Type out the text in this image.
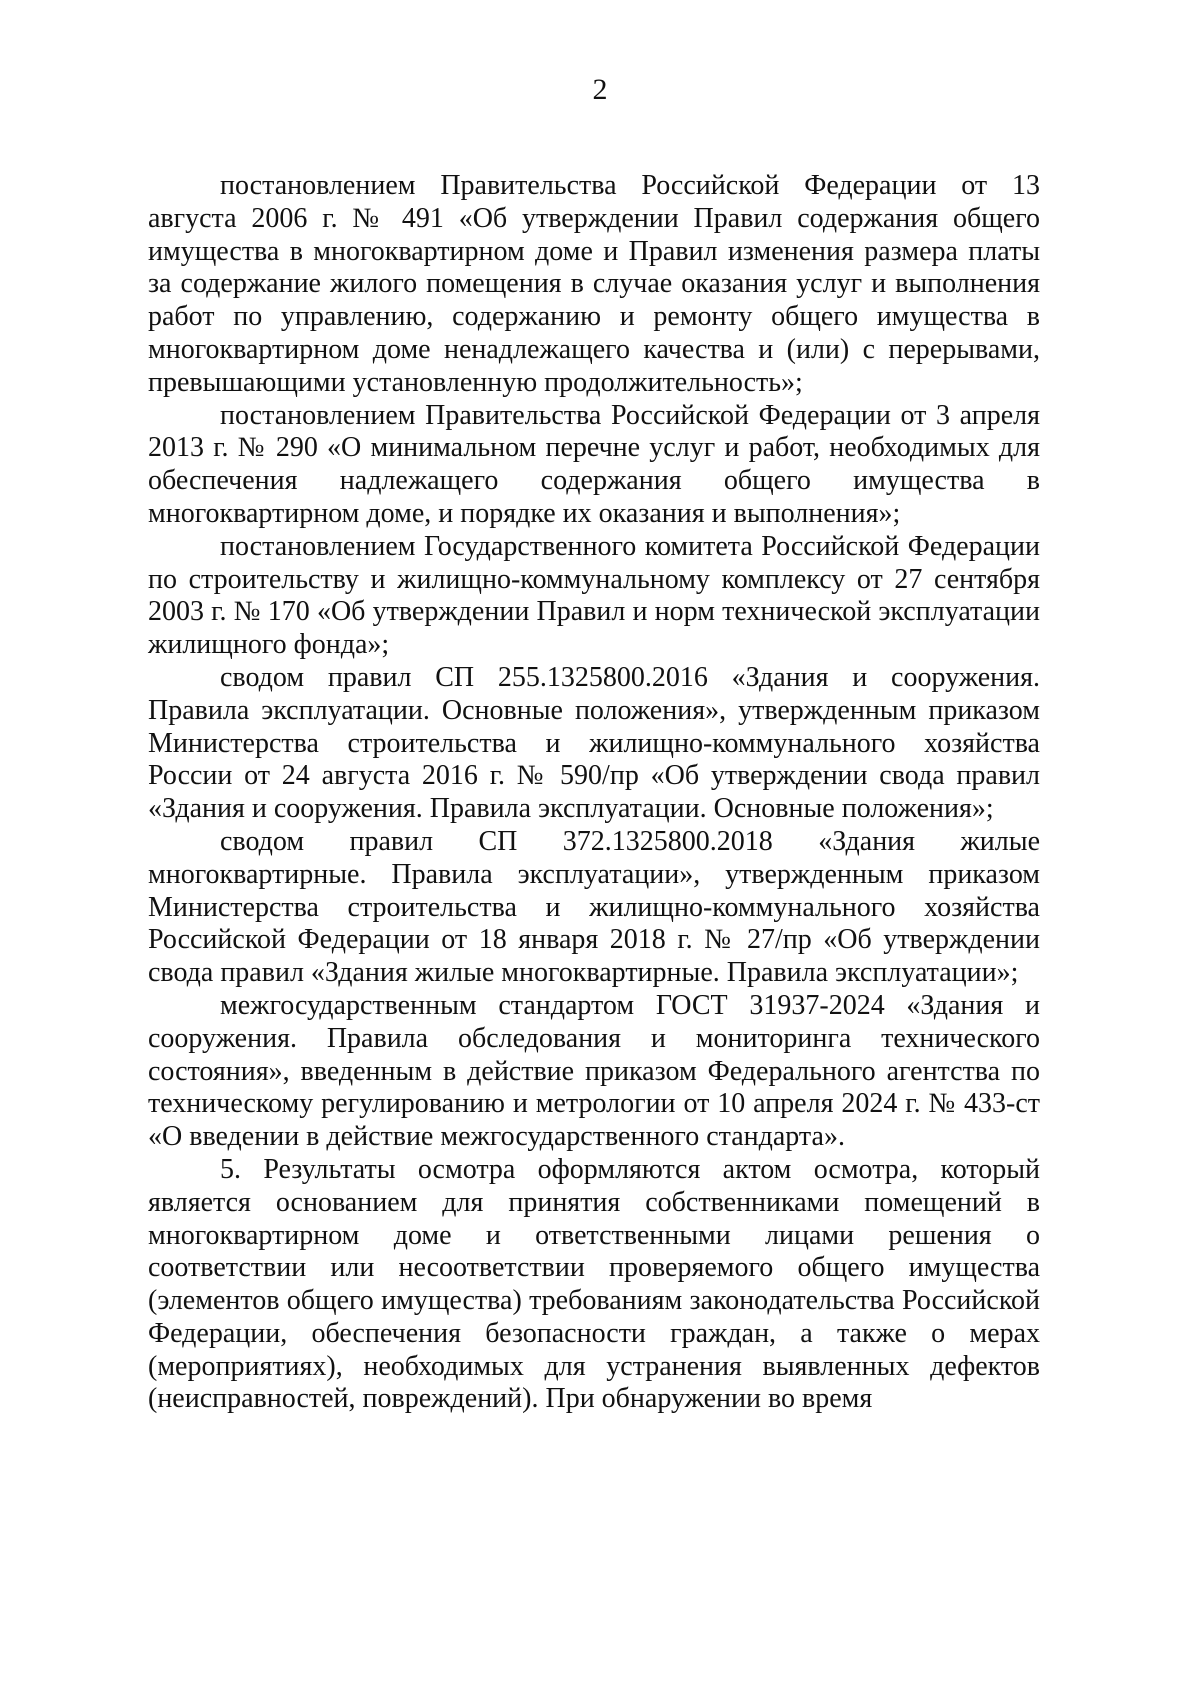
2

постановлением Правительства Российской Федерации от 13 августа 2006 г. № 491 «Об утверждении Правил содержания общего имущества в многоквартирном доме и Правил изменения размера платы за содержание жилого помещения в случае оказания услуг и выполнения работ по управлению, содержанию и ремонту общего имущества в многоквартирном доме ненадлежащего качества и (или) с перерывами, превышающими установленную продолжительность»;

постановлением Правительства Российской Федерации от 3 апреля 2013 г. № 290 «О минимальном перечне услуг и работ, необходимых для обеспечения надлежащего содержания общего имущества в многоквартирном доме, и порядке их оказания и выполнения»;

постановлением Государственного комитета Российской Федерации по строительству и жилищно-коммунальному комплексу от 27 сентября 2003 г. № 170 «Об утверждении Правил и норм технической эксплуатации жилищного фонда»;

сводом правил СП 255.1325800.2016 «Здания и сооружения. Правила эксплуатации. Основные положения», утвержденным приказом Министерства строительства и жилищно-коммунального хозяйства России от 24 августа 2016 г. № 590/пр «Об утверждении свода правил «Здания и сооружения. Правила эксплуатации. Основные положения»;

сводом правил СП 372.1325800.2018 «Здания жилые многоквартирные. Правила эксплуатации», утвержденным приказом Министерства строительства и жилищно-коммунального хозяйства Российской Федерации от 18 января 2018 г. № 27/пр «Об утверждении свода правил «Здания жилые многоквартирные. Правила эксплуатации»;

межгосударственным стандартом ГОСТ 31937-2024 «Здания и сооружения. Правила обследования и мониторинга технического состояния», введенным в действие приказом Федерального агентства по техническому регулированию и метрологии от 10 апреля 2024 г. № 433-ст «О введении в действие межгосударственного стандарта».

5. Результаты осмотра оформляются актом осмотра, который является основанием для принятия собственниками помещений в многоквартирном доме и ответственными лицами решения о соответствии или несоответствии проверяемого общего имущества (элементов общего имущества) требованиям законодательства Российской Федерации, обеспечения безопасности граждан, а также о мерах (мероприятиях), необходимых для устранения выявленных дефектов (неисправностей, повреждений). При обнаружении во время
